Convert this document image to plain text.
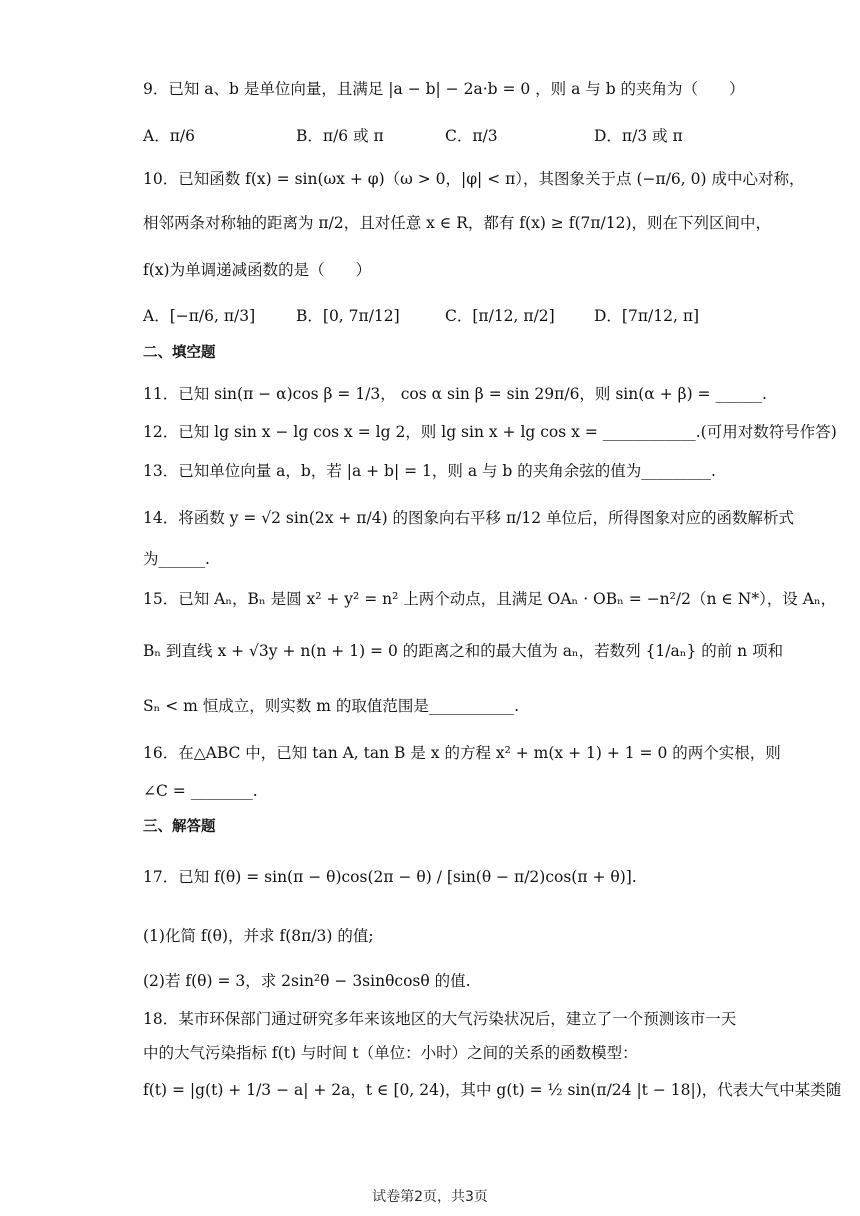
9．已知 a、b 是单位向量，且满足 |a − b| − 2a·b = 0 ，则 a 与 b 的夹角为（　　）
A．π/6	B．π/6 或 π	C．π/3	D．π/3 或 π
10．已知函数 f(x) = sin(ωx + φ)（ω > 0，|φ| < π），其图象关于点 (−π/6, 0) 成中心对称，
相邻两条对称轴的距离为 π/2，且对任意 x ∈ R，都有 f(x) ≥ f(7π/12)，则在下列区间中，
f(x)为单调递减函数的是（　　）
A．[−π/6, π/3]	B．[0, 7π/12]	C．[π/12, π/2]	D．[7π/12, π]
二、填空题
11．已知 sin(π − α)cos β = 1/3， cos α sin β = sin 29π/6，则 sin(α + β) = ______.
12．已知 lg sin x − lg cos x = lg 2，则 lg sin x + lg cos x = ____________.(可用对数符号作答)
13．已知单位向量 a，b，若 |a + b| = 1，则 a 与 b 的夹角余弦的值为_________.
14．将函数 y = √2 sin(2x + π/4) 的图象向右平移 π/12 单位后，所得图象对应的函数解析式
为______.
15．已知 Aₙ，Bₙ 是圆 x² + y² = n² 上两个动点，且满足 OAₙ · OBₙ = −n²/2（n ∈ N*），设 Aₙ，
Bₙ 到直线 x + √3y + n(n + 1) = 0 的距离之和的最大值为 aₙ，若数列 {1/aₙ} 的前 n 项和
Sₙ < m 恒成立，则实数 m 的取值范围是___________.
16．在△ABC 中，已知 tan A, tan B 是 x 的方程 x² + m(x + 1) + 1 = 0 的两个实根，则
∠C = ________.
三、解答题
17．已知 f(θ) = sin(π − θ)cos(2π − θ) / [sin(θ − π/2)cos(π + θ)].
(1)化简 f(θ)，并求 f(8π/3) 的值;
(2)若 f(θ) = 3，求 2sin²θ − 3sinθcosθ 的值.
18．某市环保部门通过研究多年来该地区的大气污染状况后，建立了一个预测该市一天
中的大气污染指标 f(t) 与时间 t（单位：小时）之间的关系的函数模型：
f(t) = |g(t) + 1/3 − a| + 2a，t ∈ [0, 24)，其中 g(t) = ½ sin(π/24 |t − 18|)，代表大气中某类随
试卷第2页，共3页
